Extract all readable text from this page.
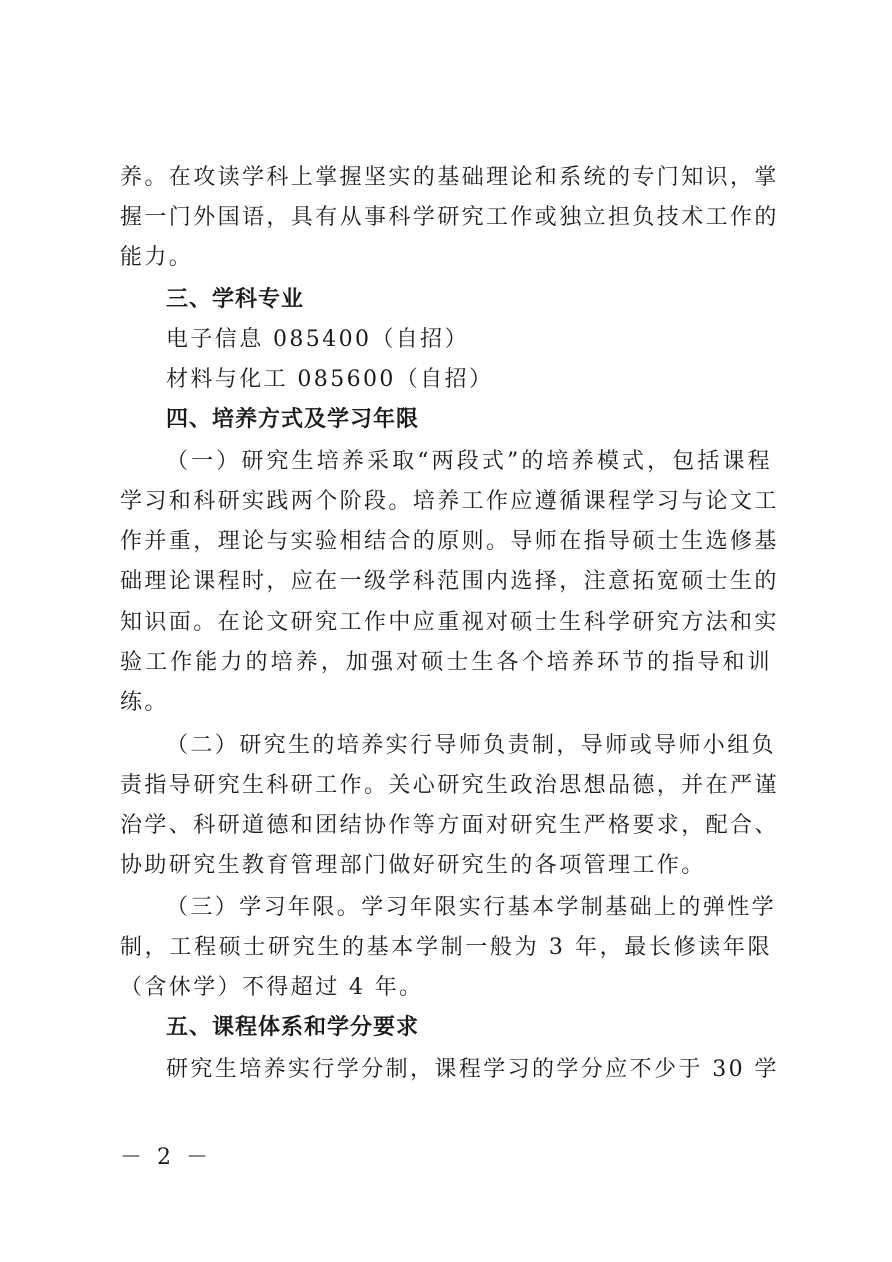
养。在攻读学科上掌握坚实的基础理论和系统的专门知识，掌
握一门外国语，具有从事科学研究工作或独立担负技术工作的
能力。
三、学科专业
电子信息 085400（自招）
材料与化工 085600（自招）
四、培养方式及学习年限
（一）研究生培养采取“两段式”的培养模式，包括课程
学习和科研实践两个阶段。培养工作应遵循课程学习与论文工
作并重，理论与实验相结合的原则。导师在指导硕士生选修基
础理论课程时，应在一级学科范围内选择，注意拓宽硕士生的
知识面。在论文研究工作中应重视对硕士生科学研究方法和实
验工作能力的培养，加强对硕士生各个培养环节的指导和训
练。
（二）研究生的培养实行导师负责制，导师或导师小组负
责指导研究生科研工作。关心研究生政治思想品德，并在严谨
治学、科研道德和团结协作等方面对研究生严格要求，配合、
协助研究生教育管理部门做好研究生的各项管理工作。
（三）学习年限。学习年限实行基本学制基础上的弹性学
制，工程硕士研究生的基本学制一般为 3 年，最长修读年限
（含休学）不得超过 4 年。
五、课程体系和学分要求
研究生培养实行学分制，课程学习的学分应不少于 30 学
－ 2 －
